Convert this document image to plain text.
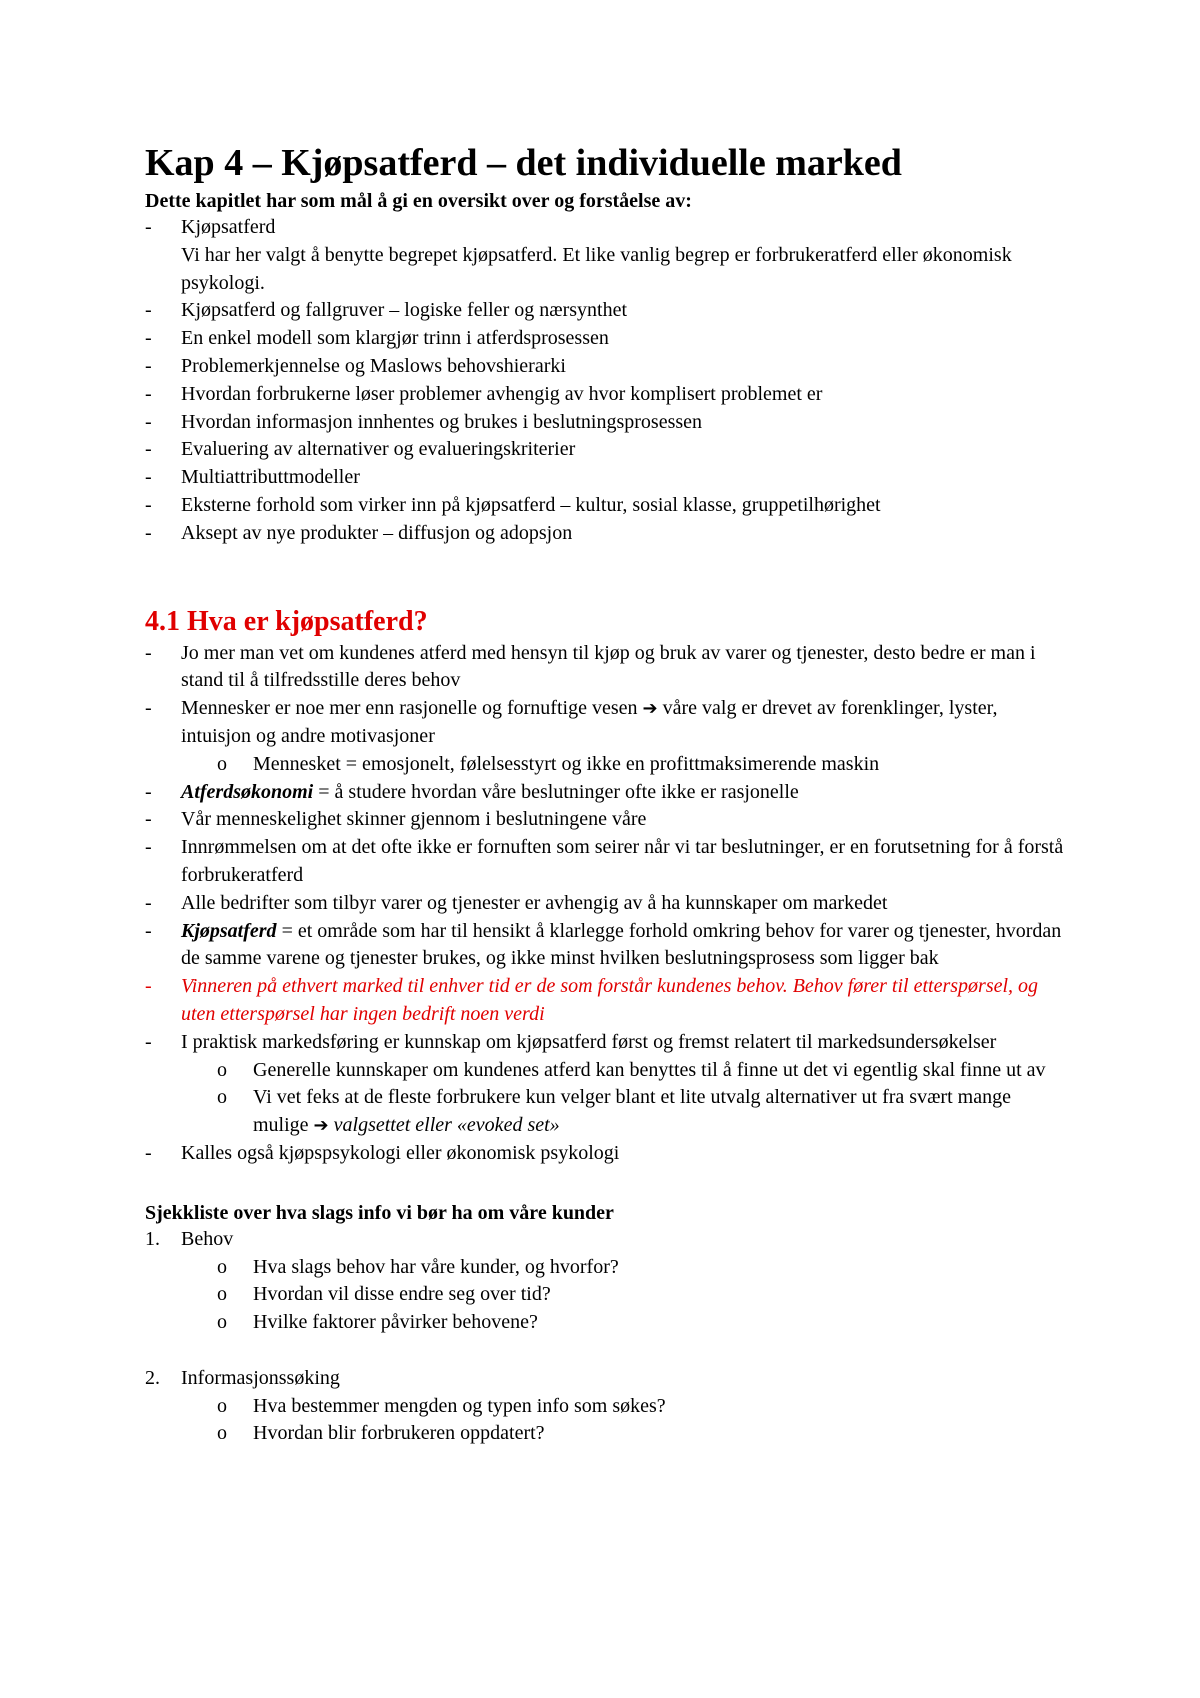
Kap 4 – Kjøpsatferd – det individuelle marked
Dette kapitlet har som mål å gi en oversikt over og forståelse av:
- Kjøpsatferd
Vi har her valgt å benytte begrepet kjøpsatferd. Et like vanlig begrep er forbrukeratferd eller økonomisk psykologi.
- Kjøpsatferd og fallgruver – logiske feller og nærsynthet
- En enkel modell som klargjør trinn i atferdsprosessen
- Problemerkjennelse og Maslows behovshierarki
- Hvordan forbrukerne løser problemer avhengig av hvor komplisert problemet er
- Hvordan informasjon innhentes og brukes i beslutningsprosessen
- Evaluering av alternativer og evalueringskriterier
- Multiattributtmodeller
- Eksterne forhold som virker inn på kjøpsatferd – kultur, sosial klasse, gruppetilhørighet
- Aksept av nye produkter – diffusjon og adopsjon
4.1 Hva er kjøpsatferd?
- Jo mer man vet om kundenes atferd med hensyn til kjøp og bruk av varer og tjenester, desto bedre er man i stand til å tilfredsstille deres behov
- Mennesker er noe mer enn rasjonelle og fornuftige vesen ➔ våre valg er drevet av forenklinger, lyster, intuisjon og andre motivasjoner
o Mennesket = emosjonelt, følelsesstyrt og ikke en profittmaksimerende maskin
- Atferdsøkonomi = å studere hvordan våre beslutninger ofte ikke er rasjonelle
- Vår menneskelighet skinner gjennom i beslutningene våre
- Innrømmelsen om at det ofte ikke er fornuften som seirer når vi tar beslutninger, er en forutsetning for å forstå forbrukeratferd
- Alle bedrifter som tilbyr varer og tjenester er avhengig av å ha kunnskaper om markedet
- Kjøpsatferd = et område som har til hensikt å klarlegge forhold omkring behov for varer og tjenester, hvordan de samme varene og tjenester brukes, og ikke minst hvilken beslutningsprosess som ligger bak
- Vinneren på ethvert marked til enhver tid er de som forstår kundenes behov. Behov fører til etterspørsel, og uten etterspørsel har ingen bedrift noen verdi
- I praktisk markedsføring er kunnskap om kjøpsatferd først og fremst relatert til markedsundersøkelser
o Generelle kunnskaper om kundenes atferd kan benyttes til å finne ut det vi egentlig skal finne ut av
o Vi vet feks at de fleste forbrukere kun velger blant et lite utvalg alternativer ut fra svært mange mulige ➔ valgsettet eller «evoked set»
- Kalles også kjøpspsykologi eller økonomisk psykologi
Sjekkliste over hva slags info vi bør ha om våre kunder
1. Behov
o Hva slags behov har våre kunder, og hvorfor?
o Hvordan vil disse endre seg over tid?
o Hvilke faktorer påvirker behovene?
2. Informasjonssøking
o Hva bestemmer mengden og typen info som søkes?
o Hvordan blir forbrukeren oppdatert?
